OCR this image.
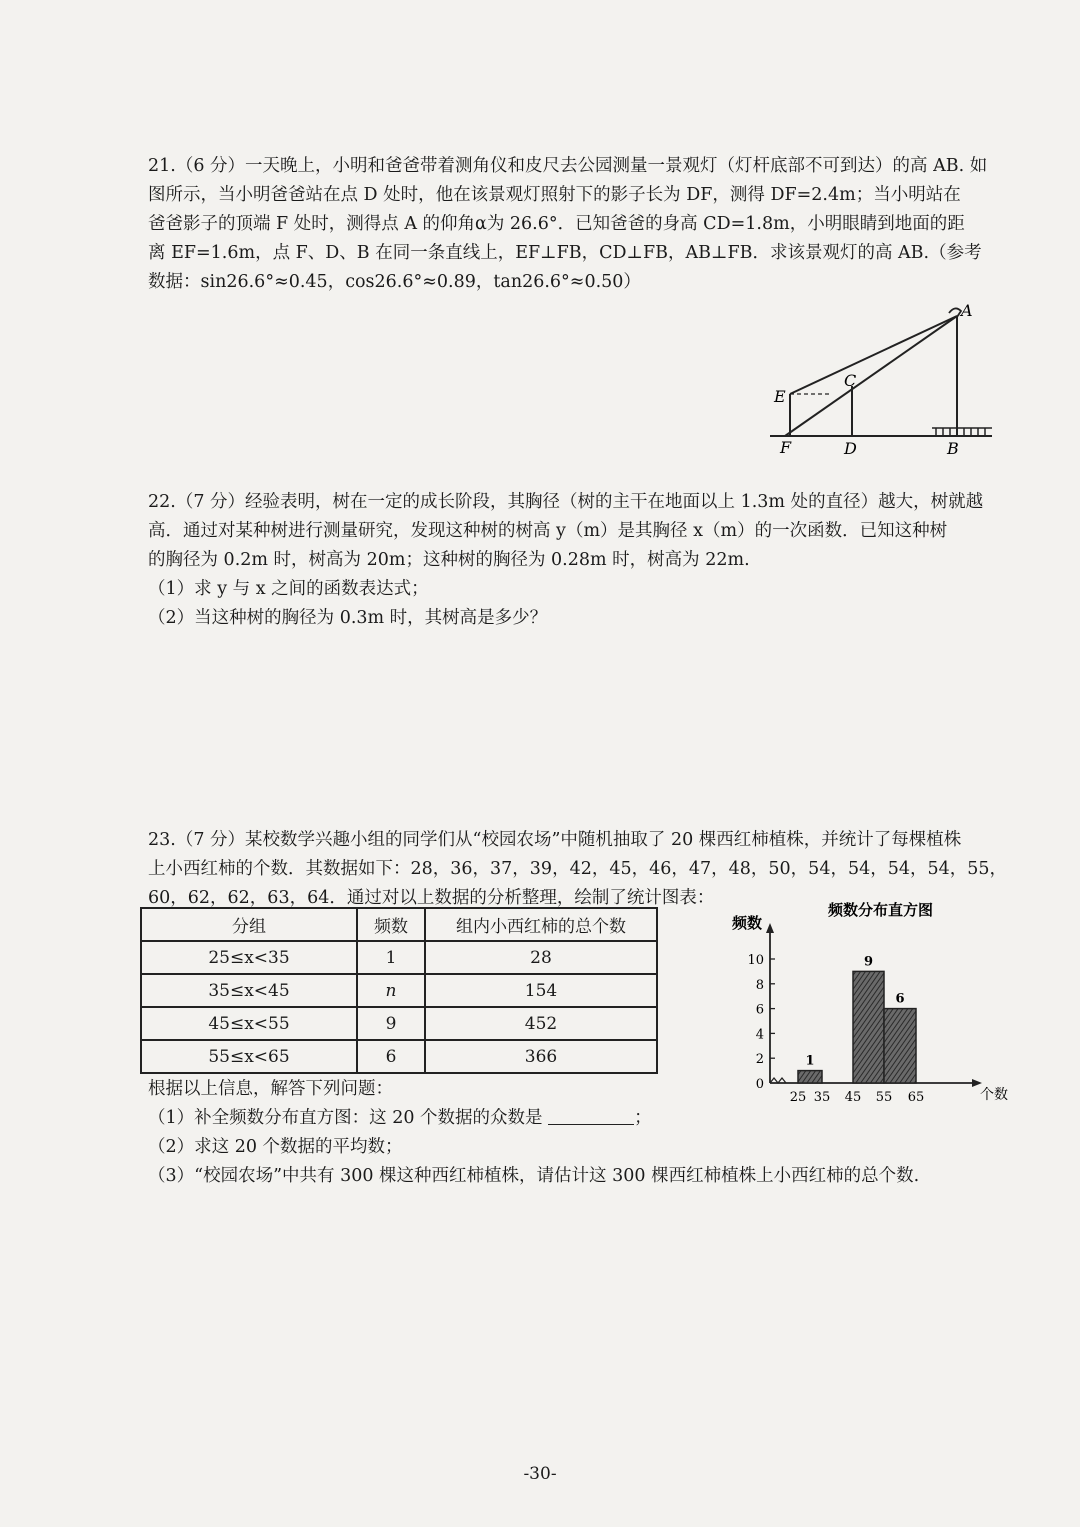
21.（6 分）一天晚上，小明和爸爸带着测角仪和皮尺去公园测量一景观灯（灯杆底部不可到达）的高 AB. 如

图所示，当小明爸爸站在点 D 处时，他在该景观灯照射下的影子长为 DF，测得 DF=2.4m；当小明站在

爸爸影子的顶端 F 处时，测得点 A 的仰角α为 26.6°．已知爸爸的身高 CD=1.8m，小明眼睛到地面的距

离 EF=1.6m，点 F、D、B 在同一条直线上，EF⊥FB，CD⊥FB，AB⊥FB．求该景观灯的高 AB.（参考

数据：sin26.6°≈0.45，cos26.6°≈0.89，tan26.6°≈0.50）

A
C
E
F	D	B

22.（7 分）经验表明，树在一定的成长阶段，其胸径（树的主干在地面以上 1.3m 处的直径）越大，树就越

高．通过对某种树进行测量研究，发现这种树的树高 y（m）是其胸径 x（m）的一次函数．已知这种树

的胸径为 0.2m 时，树高为 20m；这种树的胸径为 0.28m 时，树高为 22m.

（1）求 y 与 x 之间的函数表达式；

（2）当这种树的胸径为 0.3m 时，其树高是多少？

23.（7 分）某校数学兴趣小组的同学们从“校园农场”中随机抽取了 20 棵西红柿植株，并统计了每棵植株

上小西红柿的个数．其数据如下：28，36，37，39，42，45，46，47，48，50，54，54，54，54，55，

60，62，62，63，64．通过对以上数据的分析整理，绘制了统计图表：

分组	频数	组内小西红柿的总个数
25≤x<35	1	28
35≤x<45	n	154
45≤x<55	9	452
55≤x<65	6	366
频数分布直方图
频数
个数
0
2
4
6
8
10
25 35 45 55 65
1
9
6

根据以上信息，解答下列问题：

（1）补全频数分布直方图：这 20 个数据的众数是	；

（2）求这 20 个数据的平均数；

（3）“校园农场”中共有 300 棵这种西红柿植株，请估计这 300 棵西红柿植株上小西红柿的总个数.

-30-
